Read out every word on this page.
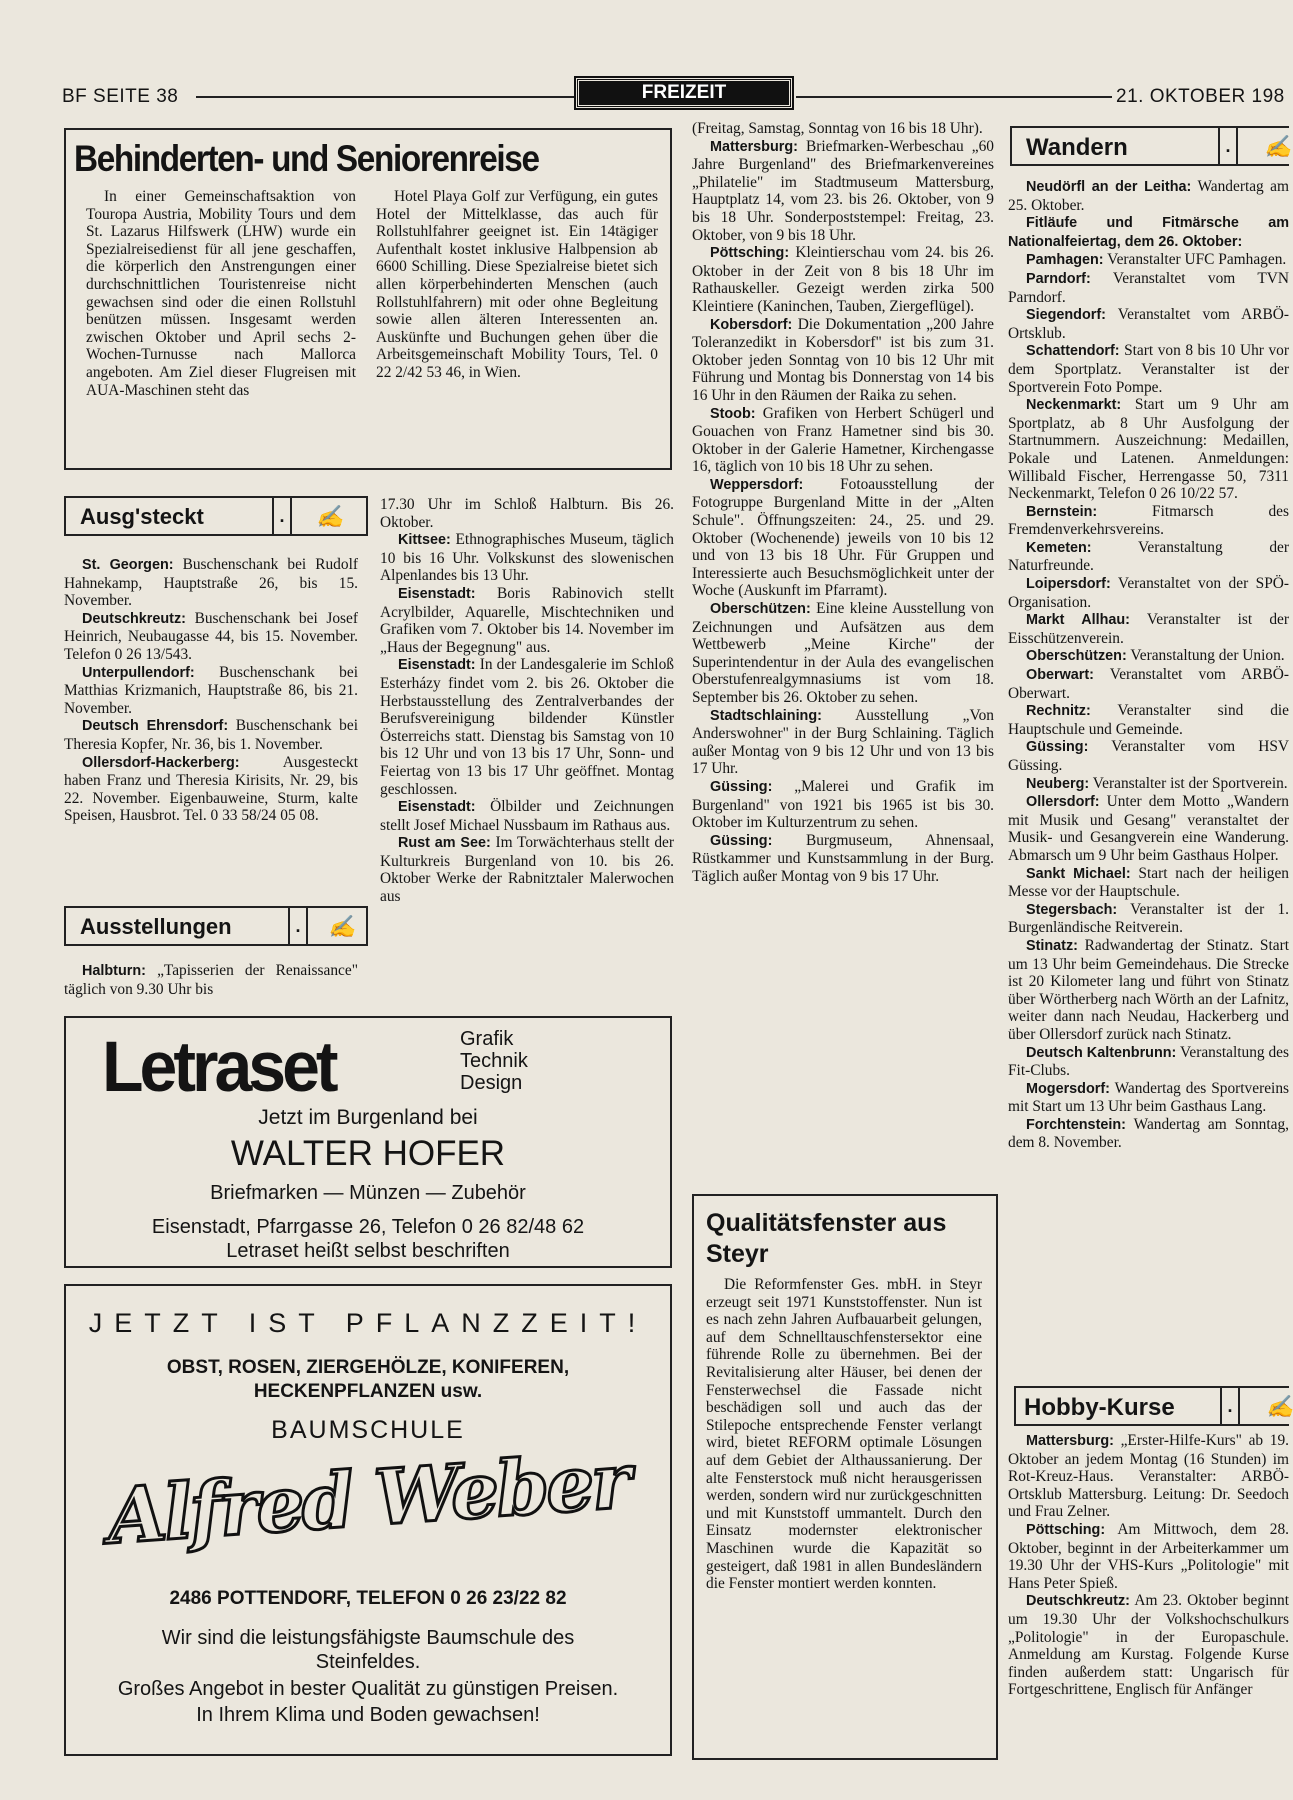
BF SEITE 38	FREIZEIT	21. OKTOBER 198
Behinderten- und Seniorenreise
In einer Gemeinschaftsaktion von Touropa Austria, Mobility Tours und dem St. Lazarus Hilfswerk (LHW) wurde ein Spezialreisedienst für all jene geschaffen, die körperlich den Anstrengungen einer durchschnittlichen Touristenreise nicht gewachsen sind oder die einen Rollstuhl benützen müssen. Insgesamt werden zwischen Oktober und April sechs 2-Wochen-Turnusse nach Mallorca angeboten. Am Ziel dieser Flugreisen mit AUA-Maschinen steht das
Hotel Playa Golf zur Verfügung, ein gutes Hotel der Mittelklasse, das auch für Rollstuhlfahrer geeignet ist. Ein 14tägiger Aufenthalt kostet inklusive Halbpension ab 6600 Schilling. Diese Spezialreise bietet sich allen körperbehinderten Menschen (auch Rollstuhlfahrern) mit oder ohne Begleitung sowie allen älteren Interessenten an. Auskünfte und Buchungen gehen über die Arbeitsgemeinschaft Mobility Tours, Tel. 0 22 2/42 53 46, in Wien.
Ausg'steckt	.	✍
St. Georgen: Buschenschank bei Rudolf Hahnekamp, Hauptstraße 26, bis 15. November.
Deutschkreutz: Buschenschank bei Josef Heinrich, Neubaugasse 44, bis 15. November. Telefon 0 26 13/543.
Unterpullendorf: Buschenschank bei Matthias Krizmanich, Hauptstraße 86, bis 21. November.
Deutsch Ehrensdorf: Buschenschank bei Theresia Kopfer, Nr. 36, bis 1. November.
Ollersdorf-Hackerberg:	Ausgesteckt haben Franz und Theresia Kirisits, Nr. 29, bis 22. November. Eigenbauweine, Sturm, kalte Speisen, Hausbrot. Tel. 0 33 58/24 05 08.
Ausstellungen	.	✍
Halbturn: „Tapisserien der Renaissance" täglich von 9.30 Uhr bis
17.30 Uhr im Schloß Halbturn. Bis 26. Oktober.
Kittsee: Ethnographisches Museum, täglich 10 bis 16 Uhr. Volkskunst des slowenischen Alpenlandes bis 13 Uhr.
Eisenstadt: Boris Rabinovich stellt Acrylbilder, Aquarelle, Mischtechniken und Grafiken vom 7. Oktober bis 14. November im „Haus der Begegnung" aus.
Eisenstadt: In der Landesgalerie im Schloß Esterházy findet vom 2. bis 26. Oktober die Herbstausstellung des Zentralverbandes der Berufsvereinigung bildender Künstler Österreichs statt. Dienstag bis Samstag von 10 bis 12 Uhr und von 13 bis 17 Uhr, Sonn- und Feiertag von 13 bis 17 Uhr geöffnet. Montag geschlossen.
Eisenstadt: Ölbilder und Zeichnungen stellt Josef Michael Nussbaum im Rathaus aus.
Rust am See: Im Torwächterhaus stellt der Kulturkreis Burgenland von 10. bis 26. Oktober Werke der Rabnitztaler Malerwochen aus
(Freitag, Samstag, Sonntag von 16 bis 18 Uhr).
Mattersburg: Briefmarken-Werbeschau „60 Jahre Burgenland" des Briefmarkenvereines „Philatelie" im Stadtmuseum Mattersburg, Hauptplatz 14, vom 23. bis 26. Oktober, von 9 bis 18 Uhr. Sonderpoststempel: Freitag, 23. Oktober, von 9 bis 18 Uhr.
Pöttsching: Kleintierschau vom 24. bis 26. Oktober in der Zeit von 8 bis 18 Uhr im Rathauskeller. Gezeigt werden zirka 500 Kleintiere (Kaninchen, Tauben, Ziergeflügel).
Kobersdorf: Die Dokumentation „200 Jahre Toleranzedikt in Kobersdorf" ist bis zum 31. Oktober jeden Sonntag von 10 bis 12 Uhr mit Führung und Montag bis Donnerstag von 14 bis 16 Uhr in den Räumen der Raika zu sehen.
Stoob: Grafiken von Herbert Schügerl und Gouachen von Franz Hametner sind bis 30. Oktober in der Galerie Hametner, Kirchengasse 16, täglich von 10 bis 18 Uhr zu sehen.
Weppersdorf: Fotoausstellung der Fotogruppe Burgenland Mitte in der „Alten Schule". Öffnungszeiten: 24., 25. und 29. Oktober (Wochenende) jeweils von 10 bis 12 und von 13 bis 18 Uhr. Für Gruppen und Interessierte auch Besuchsmöglichkeit unter der Woche (Auskunft im Pfarramt).
Oberschützen: Eine kleine Ausstellung von Zeichnungen und Aufsätzen aus dem Wettbewerb „Meine Kirche" der Superintendentur in der Aula des evangelischen Oberstufenrealgymnasiums ist vom 18. September bis 26. Oktober zu sehen.
Stadtschlaining: Ausstellung „Von Anderswohner" in der Burg Schlaining. Täglich außer Montag von 9 bis 12 Uhr und von 13 bis 17 Uhr.
Güssing: „Malerei und Grafik im Burgenland" von 1921 bis 1965 ist bis 30. Oktober im Kulturzentrum zu sehen.
Güssing: Burgmuseum, Ahnensaal, Rüstkammer und Kunstsammlung in der Burg. Täglich außer Montag von 9 bis 17 Uhr.
Letraset	Grafik
Technik
Design
Jetzt im Burgenland bei
WALTER HOFER
Briefmarken — Münzen — Zubehör
Eisenstadt, Pfarrgasse 26, Telefon 0 26 82/48 62
Letraset heißt selbst beschriften
JETZT IST PFLANZZEIT!
OBST, ROSEN, ZIERGEHÖLZE, KONIFEREN, HECKENPFLANZEN usw.
BAUMSCHULE
Alfred Weber
2486 POTTENDORF, TELEFON 0 26 23/22 82
Wir sind die leistungsfähigste Baumschule des Steinfeldes.
Großes Angebot in bester Qualität zu günstigen Preisen.
In Ihrem Klima und Boden gewachsen!
Qualitätsfenster aus Steyr
Die Reformfenster Ges. mbH. in Steyr erzeugt seit 1971 Kunststoffenster. Nun ist es nach zehn Jahren Aufbauarbeit gelungen, auf dem Schnelltauschfenstersektor eine führende Rolle zu übernehmen. Bei der Revitalisierung alter Häuser, bei denen der Fensterwechsel die Fassade nicht beschädigen soll und auch das der Stilepoche entsprechende Fenster verlangt wird, bietet REFORM optimale Lösungen auf dem Gebiet der Althaussanierung. Der alte Fensterstock muß nicht herausgerissen werden, sondern wird nur zurückgeschnitten und mit Kunststoff ummantelt. Durch den Einsatz modernster elektronischer Maschinen wurde die Kapazität so gesteigert, daß 1981 in allen Bundesländern die Fenster montiert werden konnten.
Wandern	.	✍
Neudörfl an der Leitha: Wandertag am 25. Oktober.
Fitläufe und Fitmärsche am Nationalfeiertag, dem 26. Oktober:
Pamhagen: Veranstalter UFC Pamhagen.
Parndorf: Veranstaltet vom TVN Parndorf.
Siegendorf: Veranstaltet vom ARBÖ-Ortsklub.
Schattendorf: Start von 8 bis 10 Uhr vor dem Sportplatz. Veranstalter ist der Sportverein Foto Pompe.
Neckenmarkt: Start um 9 Uhr am Sportplatz, ab 8 Uhr Ausfolgung der Startnummern. Auszeichnung: Medaillen, Pokale und Latenen. Anmeldungen: Willibald Fischer, Herrengasse 50, 7311 Neckenmarkt, Telefon 0 26 10/22 57.
Bernstein:	Fitmarsch des Fremdenverkehrsvereins.
Kemeten:	Veranstaltung der Naturfreunde.
Loipersdorf: Veranstaltet von der SPÖ-Organisation.
Markt Allhau: Veranstalter ist der Eisschützenverein.
Oberschützen: Veranstaltung der Union.
Oberwart: Veranstaltet vom ARBÖ-Oberwart.
Rechnitz: Veranstalter sind die Hauptschule und Gemeinde.
Güssing: Veranstalter vom HSV Güssing.
Neuberg: Veranstalter ist der Sportverein.
Ollersdorf: Unter dem Motto „Wandern mit Musik und Gesang" veranstaltet der Musik- und Gesangverein eine Wanderung. Abmarsch um 9 Uhr beim Gasthaus Holper.
Sankt Michael: Start nach der heiligen Messe vor der Hauptschule.
Stegersbach: Veranstalter ist der 1. Burgenländische Reitverein.
Stinatz: Radwandertag der Stinatz. Start um 13 Uhr beim Gemeindehaus. Die Strecke ist 20 Kilometer lang und führt von Stinatz über Wörtherberg nach Wörth an der Lafnitz, weiter dann nach Neudau, Hackerberg und über Ollersdorf zurück nach Stinatz.
Deutsch Kaltenbrunn: Veranstaltung des Fit-Clubs.
Mogersdorf: Wandertag des Sportvereins mit Start um 13 Uhr beim Gasthaus Lang.
Forchtenstein: Wandertag am Sonntag, dem 8. November.
Hobby-Kurse	.	✍
Mattersburg: „Erster-Hilfe-Kurs" ab 19. Oktober an jedem Montag (16 Stunden) im Rot-Kreuz-Haus. Veranstalter: ARBÖ-Ortsklub Mattersburg. Leitung: Dr. Seedoch und Frau Zelner.
Pöttsching: Am Mittwoch, dem 28. Oktober, beginnt in der Arbeiterkammer um 19.30 Uhr der VHS-Kurs „Politologie" mit Hans Peter Spieß.
Deutschkreutz: Am 23. Oktober beginnt um 19.30 Uhr der Volkshochschulkurs „Politologie" in der Europaschule. Anmeldung am Kurstag. Folgende Kurse finden außerdem statt: Ungarisch für Fortgeschrittene, Englisch für Anfänger
